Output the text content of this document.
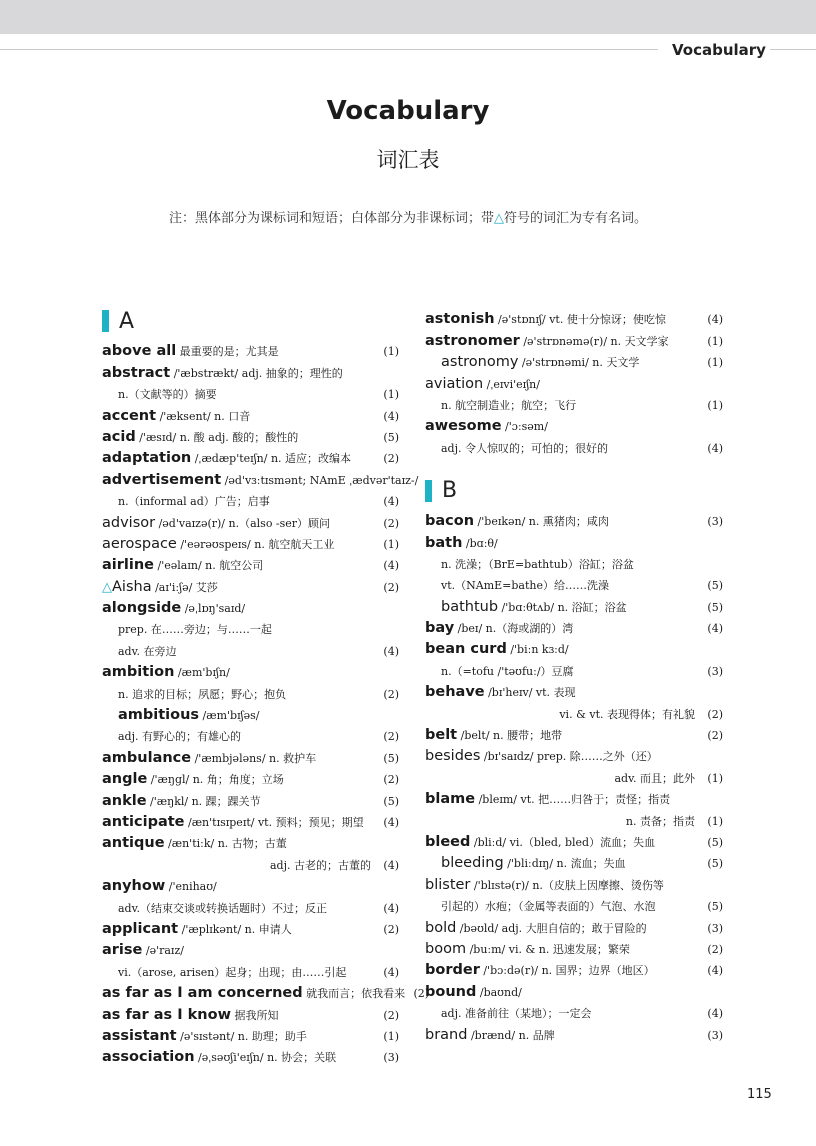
Vocabulary
Vocabulary
词汇表
注：黑体部分为课标词和短语；白体部分为非课标词；带△符号的词汇为专有名词。
A
above all 最重要的是；尤其是	(1)
abstract /'æbstrækt/ adj. 抽象的；理性的
n.（文献等的）摘要	(1)
accent /'æksent/ n. 口音	(4)
acid /'æsɪd/ n. 酸 adj. 酸的；酸性的	(5)
adaptation /ˌædæp'teɪʃn/ n. 适应；改编本	(2)
advertisement /əd'vɜːtɪsmənt; NAmE ˌædvər'taɪz-/
n.（informal ad）广告；启事	(4)
advisor /əd'vaɪzə(r)/ n.（also -ser）顾问	(2)
aerospace /'eərəʊspeɪs/ n. 航空航天工业	(1)
airline /'eəlaɪn/ n. 航空公司	(4)
△Aisha /aɪ'iːʃə/ 艾莎	(2)
alongside /əˌlɒŋ'saɪd/
prep. 在……旁边；与……一起
adv. 在旁边	(4)
ambition /æm'bɪʃn/
n. 追求的目标；夙愿；野心；抱负	(2)
ambitious /æm'bɪʃəs/
adj. 有野心的；有雄心的	(2)
ambulance /'æmbjələns/ n. 救护车	(5)
angle /'æŋgl/ n. 角；角度；立场	(2)
ankle /'æŋkl/ n. 踝；踝关节	(5)
anticipate /æn'tɪsɪpeɪt/ vt. 预料；预见；期望	(4)
antique /æn'tiːk/ n. 古物；古董
adj. 古老的；古董的	(4)
anyhow /'enihaʊ/
adv.（结束交谈或转换话题时）不过；反正	(4)
applicant /'æplɪkənt/ n. 申请人	(2)
arise /ə'raɪz/
vi.（arose, arisen）起身；出现；由……引起	(4)
as far as I am concerned 就我而言；依我看来 (2)
as far as I know 据我所知	(2)
assistant /ə'sɪstənt/ n. 助理；助手	(1)
association /əˌsəʊʃi'eɪʃn/ n. 协会；关联	(3)
astonish /ə'stɒnɪʃ/ vt. 使十分惊讶；使吃惊	(4)
astronomer /ə'strɒnəmə(r)/ n. 天文学家	(1)
astronomy /ə'strɒnəmi/ n. 天文学	(1)
aviation /ˌeɪvi'eɪʃn/
n. 航空制造业；航空；飞行	(1)
awesome /'ɔːsəm/
adj. 令人惊叹的；可怕的；很好的	(4)
B
bacon /'beɪkən/ n. 熏猪肉；咸肉	(3)
bath /bɑːθ/
n. 洗澡；（BrE=bathtub）浴缸；浴盆
vt.（NAmE=bathe）给……洗澡	(5)
bathtub /'bɑːθtʌb/ n. 浴缸；浴盆	(5)
bay /beɪ/ n.（海或湖的）湾	(4)
bean curd /'biːn kɜːd/
n.（=tofu /'təʊfuː/）豆腐	(3)
behave /bɪ'heɪv/ vt. 表现
vi. & vt. 表现得体；有礼貌	(2)
belt /belt/ n. 腰带；地带	(2)
besides /bɪ'saɪdz/ prep. 除……之外（还）
adv. 而且；此外	(1)
blame /bleɪm/ vt. 把……归咎于；责怪；指责
n. 责备；指责	(1)
bleed /bliːd/ vi.（bled, bled）流血；失血	(5)
bleeding /'bliːdɪŋ/ n. 流血；失血	(5)
blister /'blɪstə(r)/ n.（皮肤上因摩擦、烫伤等
引起的）水疱；（金属等表面的）气泡、水泡	(5)
bold /bəʊld/ adj. 大胆自信的；敢于冒险的	(3)
boom /buːm/ vi. & n. 迅速发展；繁荣	(2)
border /'bɔːdə(r)/ n. 国界；边界（地区）	(4)
bound /baʊnd/
adj. 准备前往（某地）；一定会	(4)
brand /brænd/ n. 品牌	(3)
115
